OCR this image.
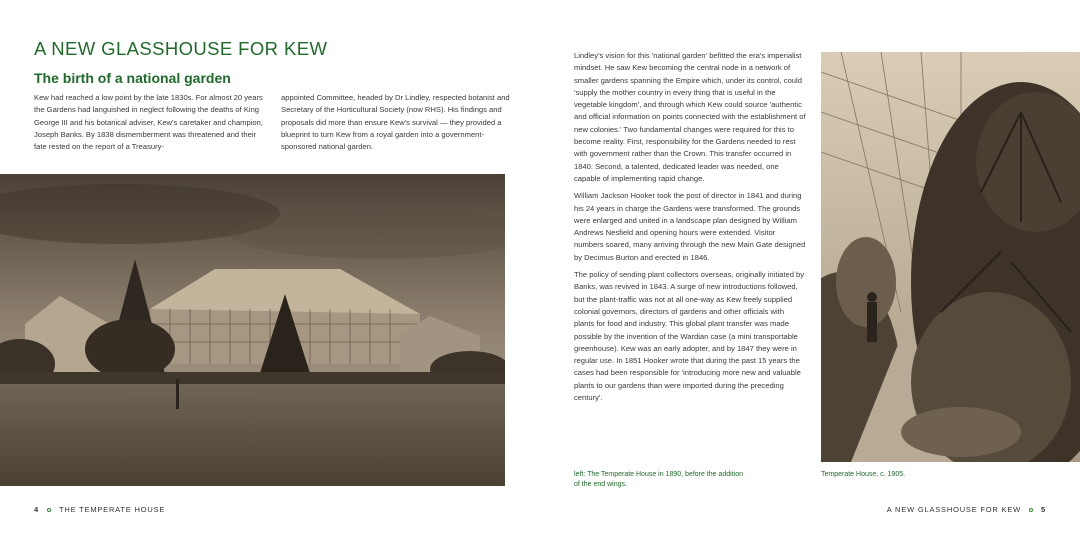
A NEW GLASSHOUSE FOR KEW
The birth of a national garden

Kew had reached a low point by the late 1830s. For almost 20 years the Gardens had languished in neglect following the deaths of King George III and his botanical adviser, Kew's caretaker and champion, Joseph Banks. By 1838 dismemberment was threatened and their fate rested on the report of a Treasury-

appointed Committee, headed by Dr Lindley, respected botanist and Secretary of the Horticultural Society (now RHS). His findings and proposals did more than ensure Kew's survival — they provided a blueprint to turn Kew from a royal garden into a government-sponsored national garden.

Lindley's vision for this 'national garden' befitted the era's imperialist mindset. He saw Kew becoming the central node in a network of smaller gardens spanning the Empire which, under its control, could 'supply the mother country in every thing that is useful in the vegetable kingdom', and through which Kew could source 'authentic and official information on points connected with the establishment of new colonies.' Two fundamental changes were required for this to become reality. First, responsibility for the Gardens needed to rest with government rather than the Crown. This transfer occurred in 1840. Second, a talented, dedicated leader was needed, one capable of implementing rapid change.

William Jackson Hooker took the post of director in 1841 and during his 24 years in charge the Gardens were transformed. The grounds were enlarged and united in a landscape plan designed by William Andrews Nesfield and opening hours were extended. Visitor numbers soared, many arriving through the new Main Gate designed by Decimus Burton and erected in 1846.

The policy of sending plant collectors overseas, originally initiated by Banks, was revived in 1843. A surge of new introductions followed, but the plant-traffic was not at all one-way as Kew freely supplied colonial governors, directors of gardens and other officials with plants for food and industry. This global plant transfer was made possible by the invention of the Wardian case (a mini transportable greenhouse). Kew was an early adopter, and by 1847 they were in regular use. In 1851 Hooker wrote that during the past 15 years the cases had been responsible for 'introducing more new and valuable plants to our gardens than were imported during the preceding century'.

left: The Temperate House in 1890, before the addition of the end wings.
Temperate House, c. 1905.
4	THE TEMPERATE HOUSE	A NEW GLASSHOUSE FOR KEW	5
